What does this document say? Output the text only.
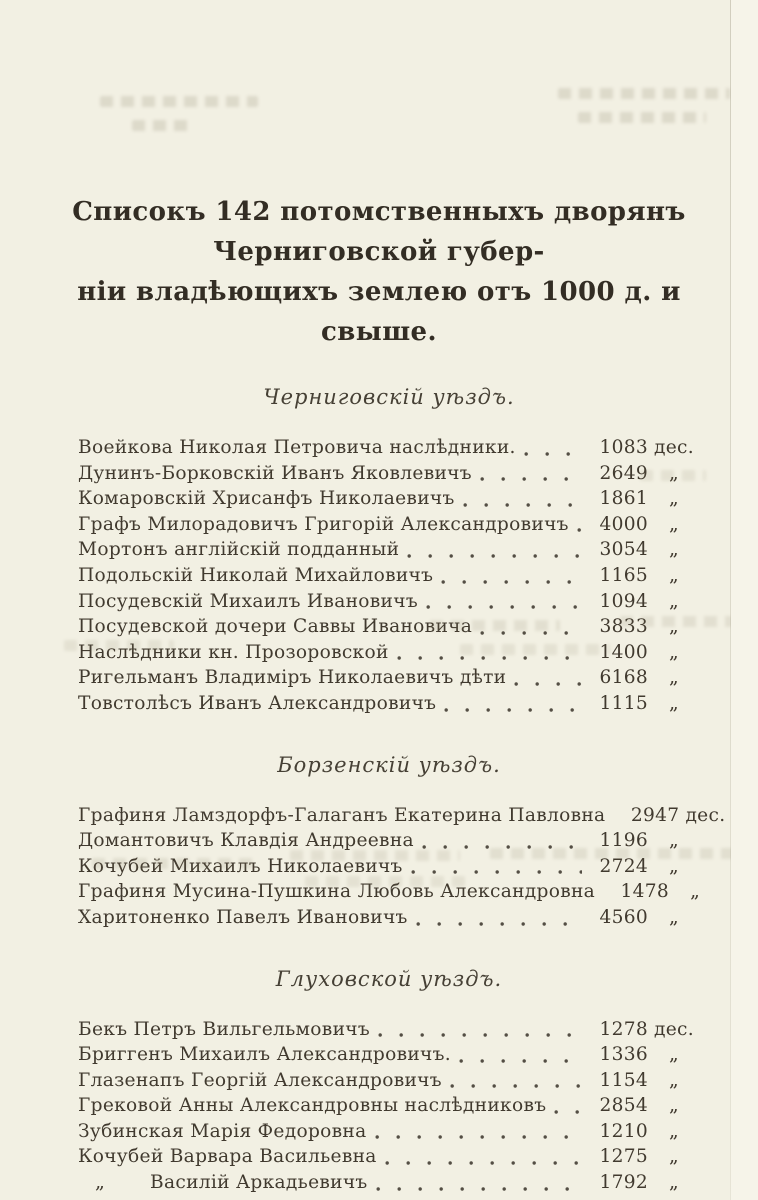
Списокъ 142 потомственныхъ дворянъ Черниговской губер-
ніи владѣющихъ землею отъ 1000 д. и свыше.
Черниговскій уѣздъ.
Воейкова Николая Петровича наслѣдники.	1083 дес.
Дунинъ-Борковскій Иванъ Яковлевичъ	2649	„
Комаровскій Хрисанфъ Николаевичъ	1861	„
Графъ Милорадовичъ Григорій Александровичъ	4000	„
Мортонъ англійскій подданный	3054	„
Подольскій Николай Михайловичъ	1165	„
Посудевскій Михаилъ Ивановичъ	1094	„
Посудевской дочери Саввы Ивановича	3833	„
Наслѣдники кн. Прозоровской	1400	„
Ригельманъ Владиміръ Николаевичъ дѣти	6168	„
Товстолѣсъ Иванъ Александровичъ	1115	„
Борзенскій уѣздъ.
Графиня Ламздорфъ-Галаганъ Екатерина Павловна	2947 дес.
Домантовичъ Клавдія Андреевна	1196	„
Кочубей Михаилъ Николаевичъ	2724	„
Графиня Мусина-Пушкина Любовь Александровна	1478	„
Харитоненко Павелъ Ивановичъ	4560	„
Глуховской уѣздъ.
Бекъ Петръ Вильгельмовичъ	1278 дес.
Бриггенъ Михаилъ Александровичъ.	1336	„
Глазенапъ Георгій Александровичъ	1154	„
Грековой Анны Александровны наслѣдниковъ	2854	„
Зубинская Марія Федоровна	1210	„
Кочубей Варвара Васильевна	1275	„
„	Василій Аркадьевичъ	1792	„
